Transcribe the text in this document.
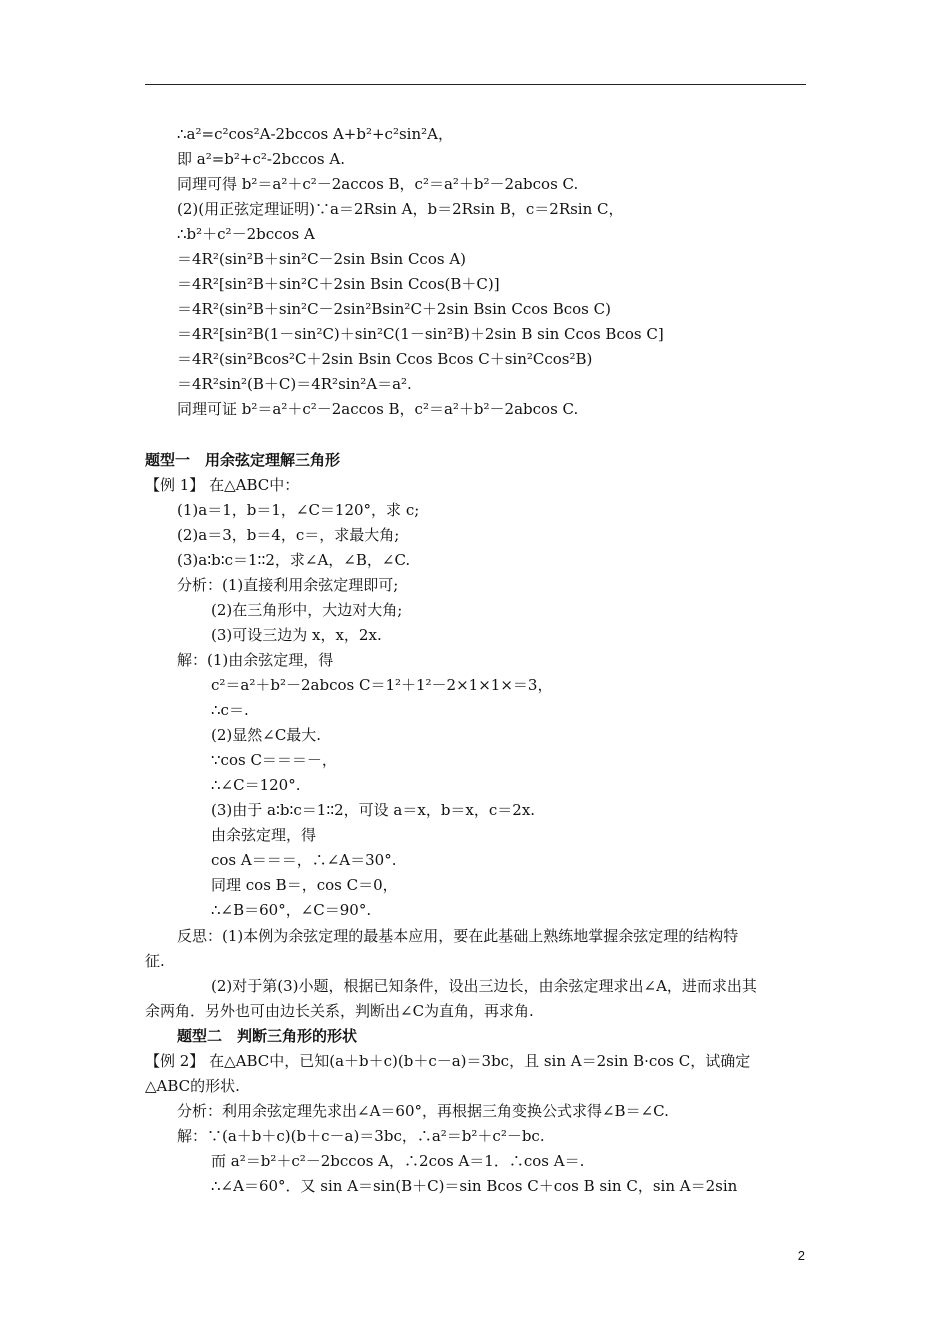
∴a²=c²cos²A-2bccos A+b²+c²sin²A，

即 a²=b²+c²-2bccos A.

同理可得 b²＝a²＋c²－2accos B，c²＝a²＋b²－2abcos C.

(2)(用正弦定理证明)∵a＝2Rsin A，b＝2Rsin B，c＝2Rsin C，

∴b²＋c²－2bccos A

＝4R²(sin²B＋sin²C－2sin Bsin Ccos A)

＝4R²[sin²B＋sin²C＋2sin Bsin Ccos(B＋C)]

＝4R²(sin²B＋sin²C－2sin²Bsin²C＋2sin Bsin Ccos Bcos C)

＝4R²[sin²B(1－sin²C)＋sin²C(1－sin²B)＋2sin B sin Ccos Bcos C]

＝4R²(sin²Bcos²C＋2sin Bsin Ccos Bcos C＋sin²Ccos²B)

＝4R²sin²(B＋C)＝4R²sin²A＝a².

同理可证 b²＝a²＋c²－2accos B，c²＝a²＋b²－2abcos C.

题型一　用余弦定理解三角形

【例 1】 在△ABC中：

(1)a＝1，b＝1，∠C＝120°，求 c;

(2)a＝3，b＝4，c＝，求最大角;

(3)a∶b∶c＝1∶∶2，求∠A，∠B，∠C.

分析：(1)直接利用余弦定理即可;

(2)在三角形中，大边对大角;

(3)可设三边为 x，x，2x.

解：(1)由余弦定理，得

c²＝a²＋b²－2abcos C＝1²＋1²－2×1×1×＝3，

∴c＝.

(2)显然∠C最大.

∵cos C＝＝＝－，

∴∠C＝120°.

(3)由于 a∶b∶c＝1∶∶2，可设 a＝x，b＝x，c＝2x.

由余弦定理，得

cos A＝＝＝，∴∠A＝30°.

同理 cos B＝，cos C＝0，

∴∠B＝60°，∠C＝90°.

反思：(1)本例为余弦定理的最基本应用，要在此基础上熟练地掌握余弦定理的结构特

征.

(2)对于第(3)小题，根据已知条件，设出三边长，由余弦定理求出∠A，进而求出其

余两角．另外也可由边长关系，判断出∠C为直角，再求角.

题型二　判断三角形的形状

【例 2】 在△ABC中，已知(a＋b＋c)(b＋c－a)＝3bc，且 sin A＝2sin B·cos C，试确定

△ABC的形状.

分析：利用余弦定理先求出∠A＝60°，再根据三角变换公式求得∠B＝∠C.

解：∵(a＋b＋c)(b＋c－a)＝3bc，∴a²＝b²＋c²－bc.

而 a²＝b²＋c²－2bccos A，∴2cos A＝1．∴cos A＝.

∴∠A＝60°．又 sin A＝sin(B＋C)＝sin Bcos C＋cos B sin C，sin A＝2sin

2
